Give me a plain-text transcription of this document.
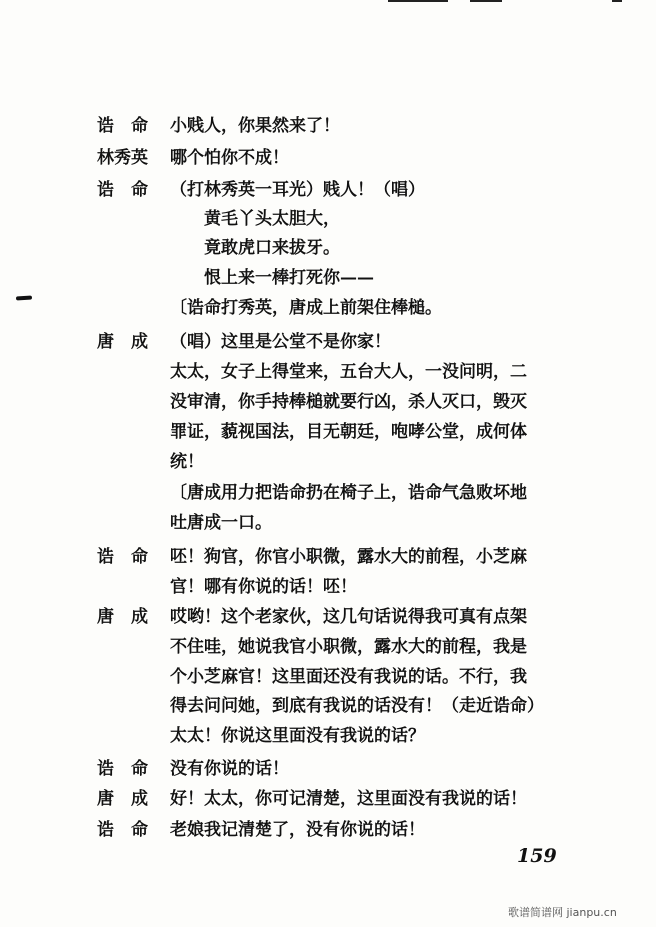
诰　命 小贱人，你果然来了！
林秀英 哪个怕你不成！
诰　命 （打林秀英一耳光）贱人！（唱）
黄毛丫头太胆大，
竟敢虎口来拔牙。
恨上来一棒打死你——
〔诰命打秀英，唐成上前架住棒槌。
唐　成 （唱）这里是公堂不是你家！
太太，女子上得堂来，五台大人，一没问明，二
没审清，你手持棒槌就要行凶，杀人灭口，毁灭
罪证，藐视国法，目无朝廷，咆哮公堂，成何体
统！
〔唐成用力把诰命扔在椅子上，诰命气急败坏地
吐唐成一口。
诰　命 呸！狗官，你官小职微，露水大的前程，小芝麻
官！哪有你说的话！呸！
唐　成 哎哟！这个老家伙，这几句话说得我可真有点架
不住哇，她说我官小职微，露水大的前程，我是
个小芝麻官！这里面还没有我说的话。不行，我
得去问问她，到底有我说的话没有！（走近诰命）
太太！你说这里面没有我说的话？
诰　命 没有你说的话！
唐　成 好！太太，你可记清楚，这里面没有我说的话！
诰　命 老娘我记清楚了，没有你说的话！
159
歌谱简谱网 jianpu.cn
